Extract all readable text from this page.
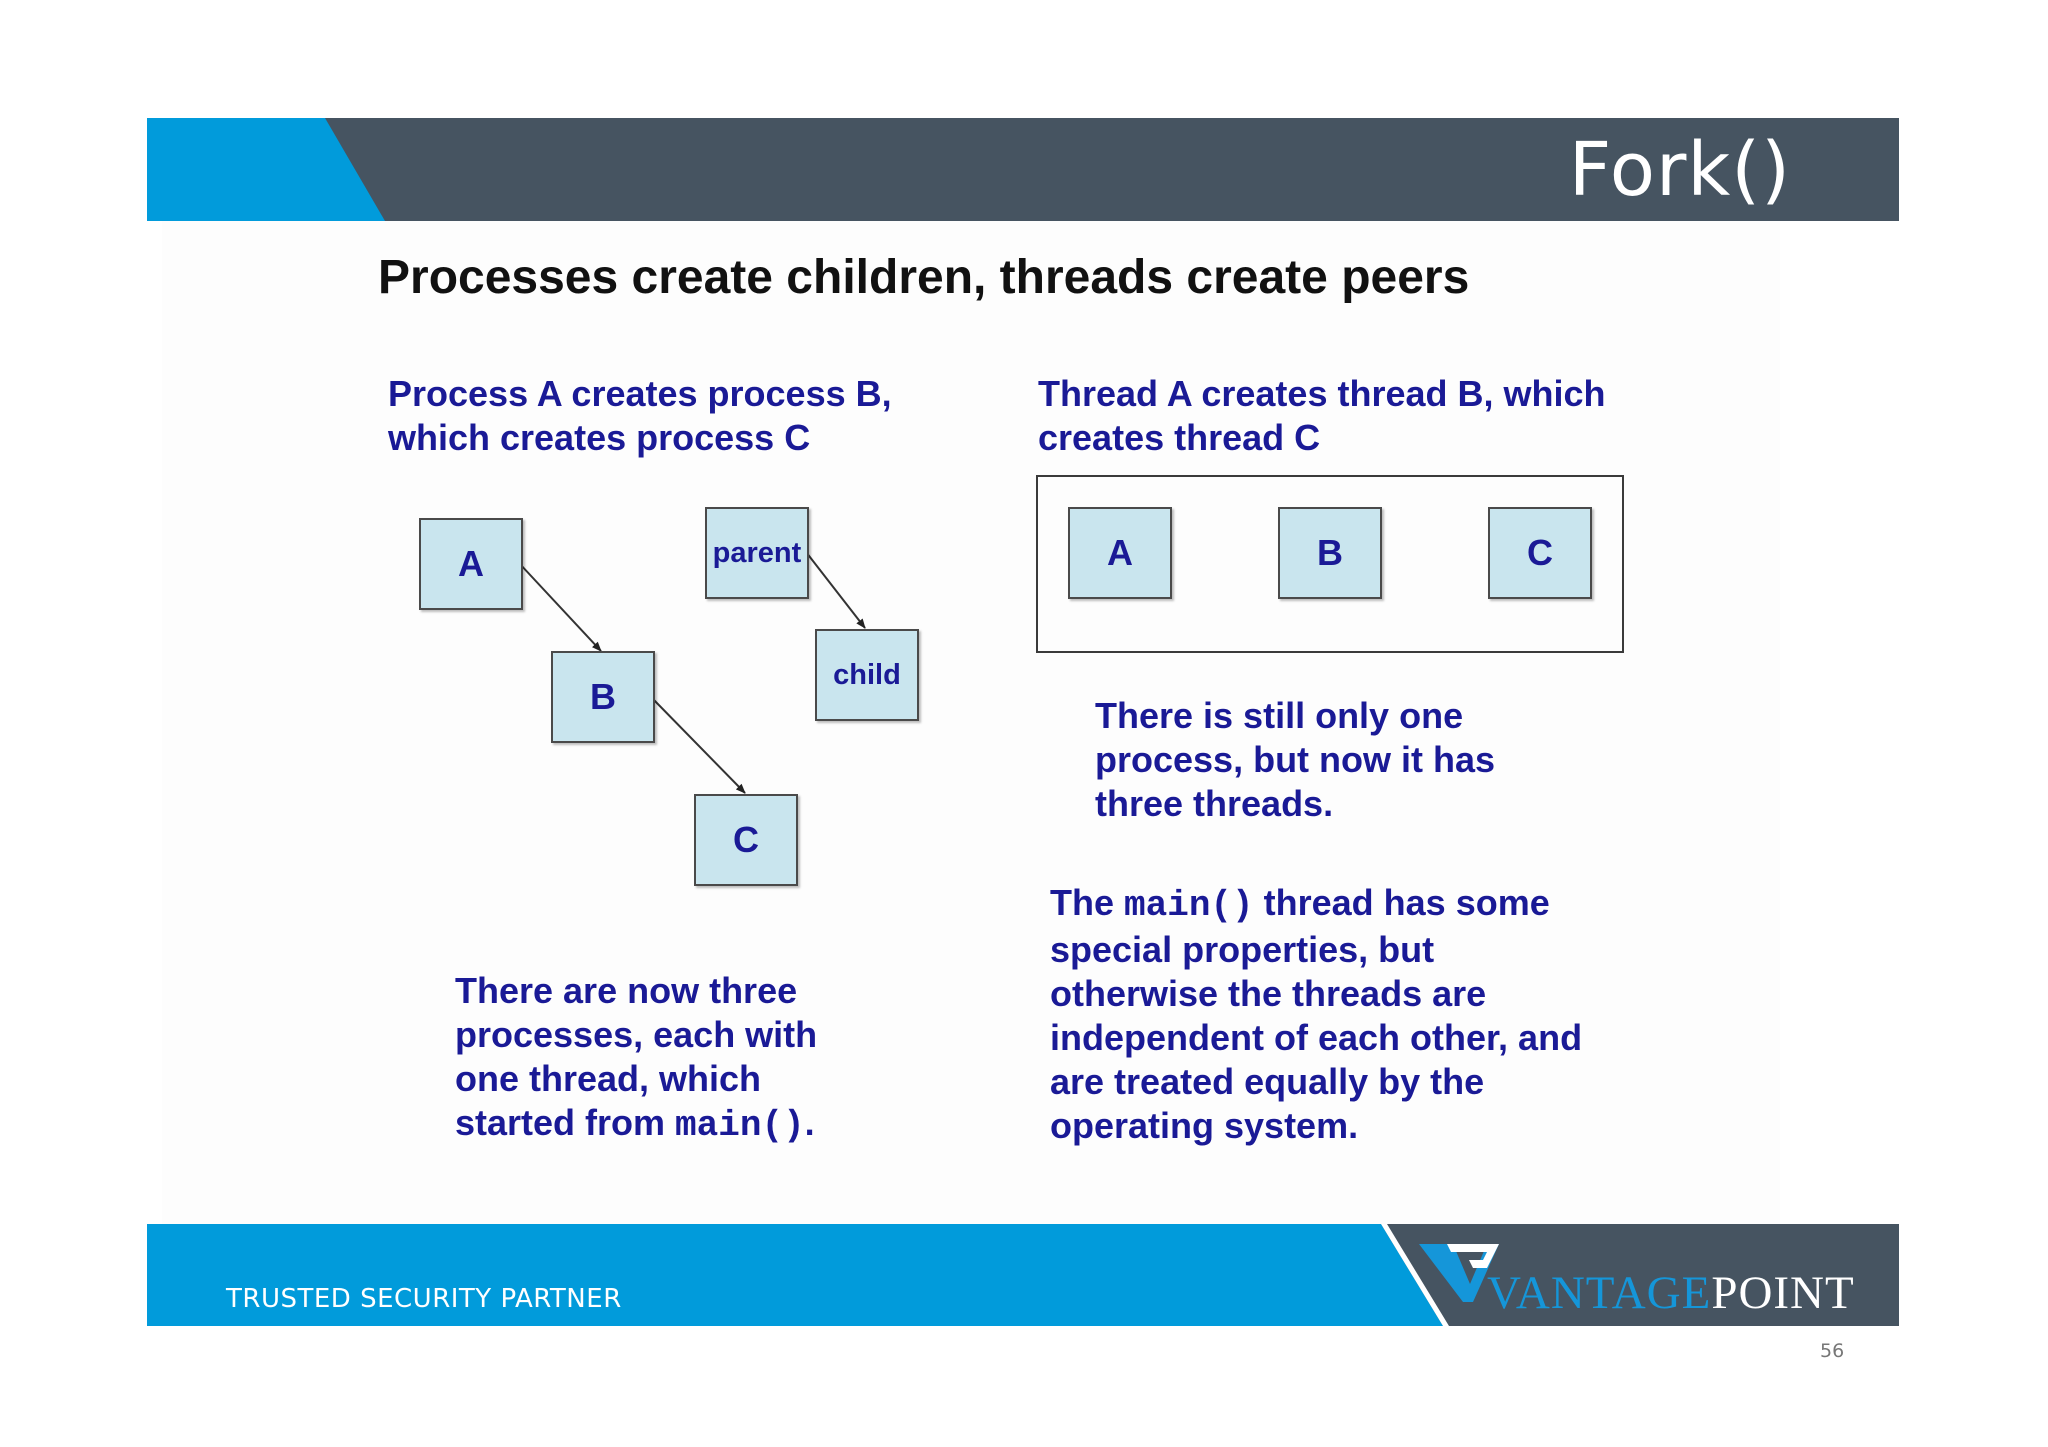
Fork()
Processes create children, threads create peers
Process A creates process B,
which creates process C
Thread A creates thread B, which
creates thread C
A
B
C
parent
child
A	B	C
There is still only one
process, but now it has
three threads.
The main() thread has some
special properties, but
otherwise the threads are
independent of each other, and
are treated equally by the
operating system.
There are now three
processes, each with
one thread, which
started from main().
TRUSTED SECURITY PARTNER	VANTAGEPOINT
56
